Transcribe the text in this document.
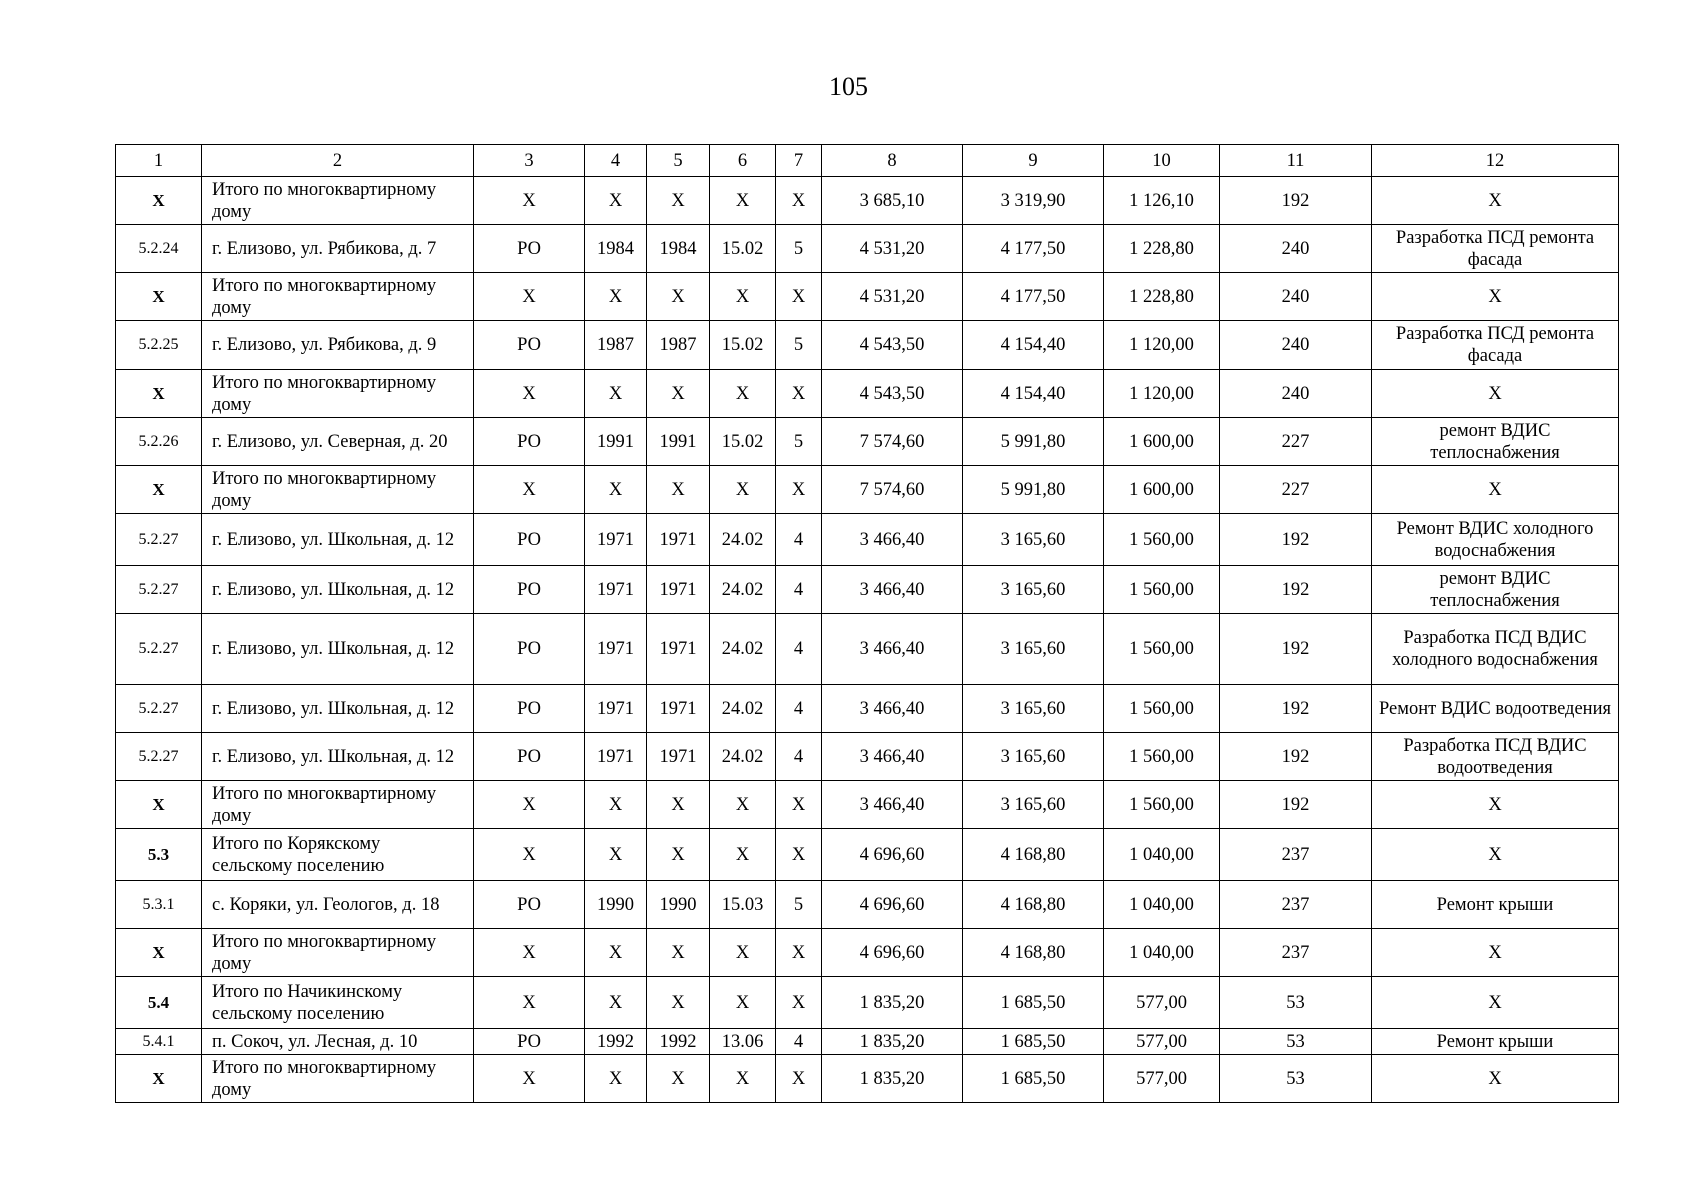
105
1	2	3	4	5	6	7	8	9	10	11	12
Х	Итого по многоквартирному дому	Х	Х	Х	Х	Х	3 685,10	3 319,90	1 126,10	192	Х
5.2.24	г. Елизово, ул. Рябикова, д. 7	РО	1984	1984	15.02	5	4 531,20	4 177,50	1 228,80	240	Разработка ПСД ремонта фасада
Х	Итого по многоквартирному дому	Х	Х	Х	Х	Х	4 531,20	4 177,50	1 228,80	240	Х
5.2.25	г. Елизово, ул. Рябикова, д. 9	РО	1987	1987	15.02	5	4 543,50	4 154,40	1 120,00	240	Разработка ПСД ремонта фасада
Х	Итого по многоквартирному дому	Х	Х	Х	Х	Х	4 543,50	4 154,40	1 120,00	240	Х
5.2.26	г. Елизово, ул. Северная, д. 20	РО	1991	1991	15.02	5	7 574,60	5 991,80	1 600,00	227	ремонт ВДИС теплоснабжения
Х	Итого по многоквартирному дому	Х	Х	Х	Х	Х	7 574,60	5 991,80	1 600,00	227	Х
5.2.27	г. Елизово, ул. Школьная, д. 12	РО	1971	1971	24.02	4	3 466,40	3 165,60	1 560,00	192	Ремонт ВДИС холодного водоснабжения
5.2.27	г. Елизово, ул. Школьная, д. 12	РО	1971	1971	24.02	4	3 466,40	3 165,60	1 560,00	192	ремонт ВДИС теплоснабжения
5.2.27	г. Елизово, ул. Школьная, д. 12	РО	1971	1971	24.02	4	3 466,40	3 165,60	1 560,00	192	Разработка ПСД ВДИС холодного водоснабжения
5.2.27	г. Елизово, ул. Школьная, д. 12	РО	1971	1971	24.02	4	3 466,40	3 165,60	1 560,00	192	Ремонт ВДИС водоотведения
5.2.27	г. Елизово, ул. Школьная, д. 12	РО	1971	1971	24.02	4	3 466,40	3 165,60	1 560,00	192	Разработка ПСД ВДИС водоотведения
Х	Итого по многоквартирному дому	Х	Х	Х	Х	Х	3 466,40	3 165,60	1 560,00	192	Х
5.3	Итого по Корякскому сельскому поселению	Х	Х	Х	Х	Х	4 696,60	4 168,80	1 040,00	237	Х
5.3.1	с. Коряки, ул. Геологов, д. 18	РО	1990	1990	15.03	5	4 696,60	4 168,80	1 040,00	237	Ремонт крыши
Х	Итого по многоквартирному дому	Х	Х	Х	Х	Х	4 696,60	4 168,80	1 040,00	237	Х
5.4	Итого по Начикинскому сельскому поселению	Х	Х	Х	Х	Х	1 835,20	1 685,50	577,00	53	Х
5.4.1	п. Сокоч, ул. Лесная, д. 10	РО	1992	1992	13.06	4	1 835,20	1 685,50	577,00	53	Ремонт крыши
Х	Итого по многоквартирному дому	Х	Х	Х	Х	Х	1 835,20	1 685,50	577,00	53	Х
